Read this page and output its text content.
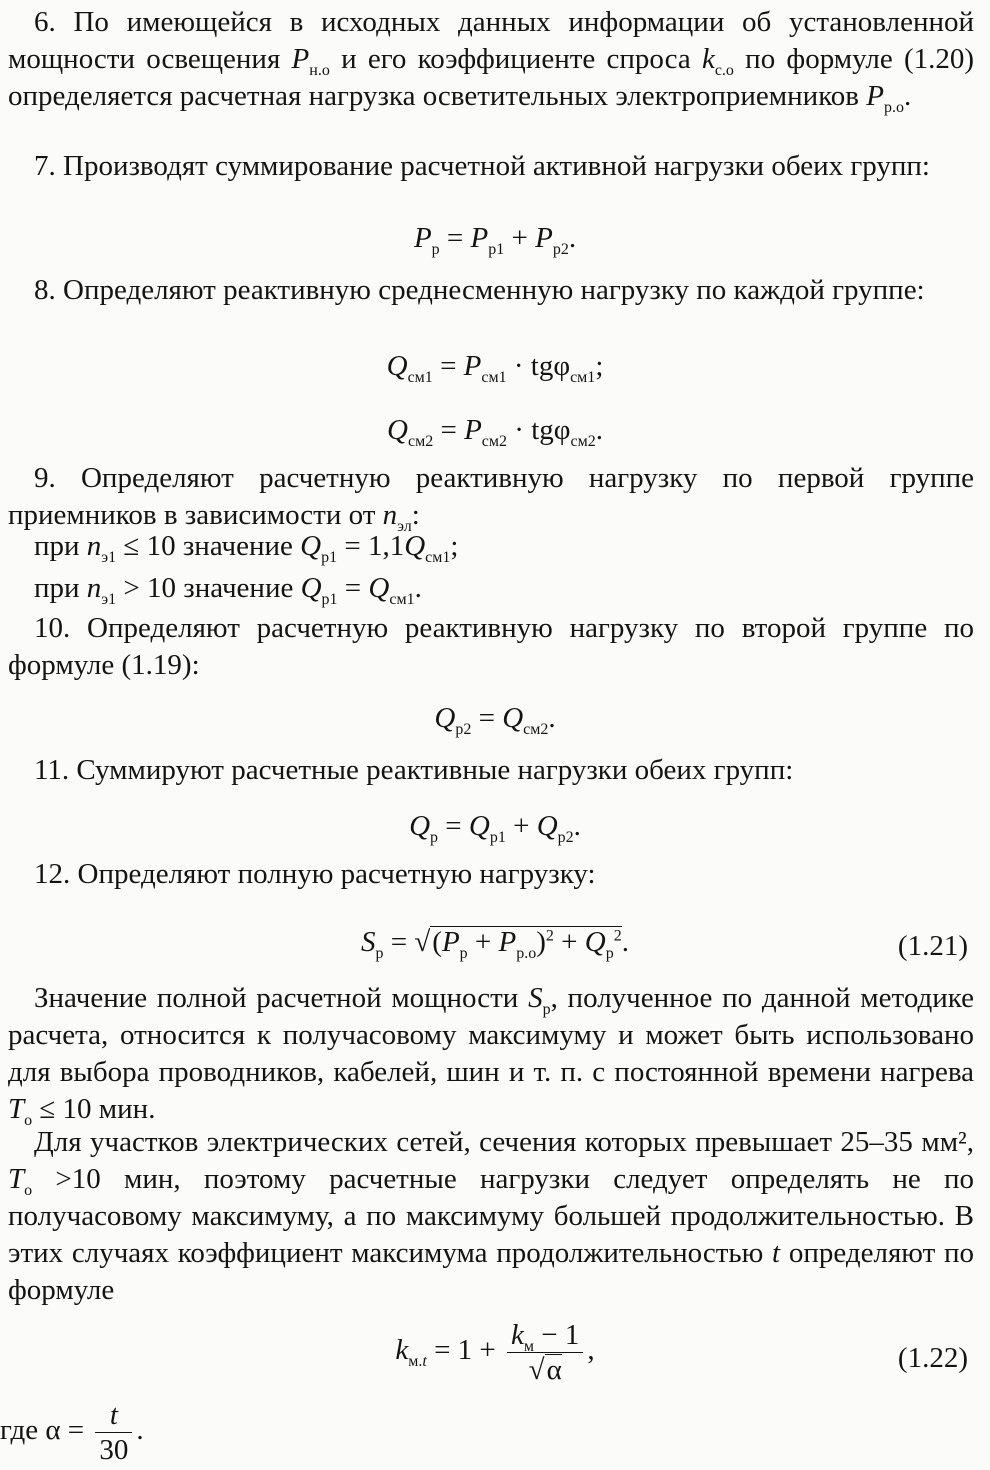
6. По имеющейся в исходных данных информации об установленной мощности освещения $P_{н.о}$ и его коэффициенте спроса $k_{с.о}$ по формуле (1.20) определяется расчетная нагрузка осветительных электроприемников $P_{р.о}$.

7. Производят суммирование расчетной активной нагрузки обеих групп:

$P_р = P_{р1} + P_{р2}$.

8. Определяют реактивную среднесменную нагрузку по каждой группе:

$Q_{см1} = P_{см1} \cdot tg\varphi_{см1}$;

$Q_{см2} = P_{см2} \cdot tg\varphi_{см2}$.

9. Определяют расчетную реактивную нагрузку по первой группе приемников в зависимости от $n_{эл}$:

при $n_{э1} \le 10$ значение $Q_{р1} = 1,1Q_{см1}$;

при $n_{э1} > 10$ значение $Q_{р1} = Q_{см1}$.

10. Определяют расчетную реактивную нагрузку по второй группе по формуле (1.19):

$Q_{р2} = Q_{см2}$.

11. Суммируют расчетные реактивные нагрузки обеих групп:

$Q_р = Q_{р1} + Q_{р2}$.

12. Определяют полную расчетную нагрузку:

$S_р = √(P_р + P_{р.о})^2 + Q_р^2$.	(1.21)

Значение полной расчетной мощности $S_р$, полученное по данной методике расчета, относится к получасовому максимуму и может быть использовано для выбора проводников, кабелей, шин и т. п. с постоянной времени нагрева $T_о \le 10$ мин.

Для участков электрических сетей, сечения которых превышает 25–35 мм², $T_о >10$ мин, поэтому расчетные нагрузки следует определять не по получасовому максимуму, а по максимуму большей продолжительностью. В этих случаях коэффициент максимума продолжительностью t определяют по формуле

$k_{м.t} = 1 + \frac{k_м - 1}{√\alpha}$ ,	(1.22)

где $\alpha = \frac{t}{30}$ .
